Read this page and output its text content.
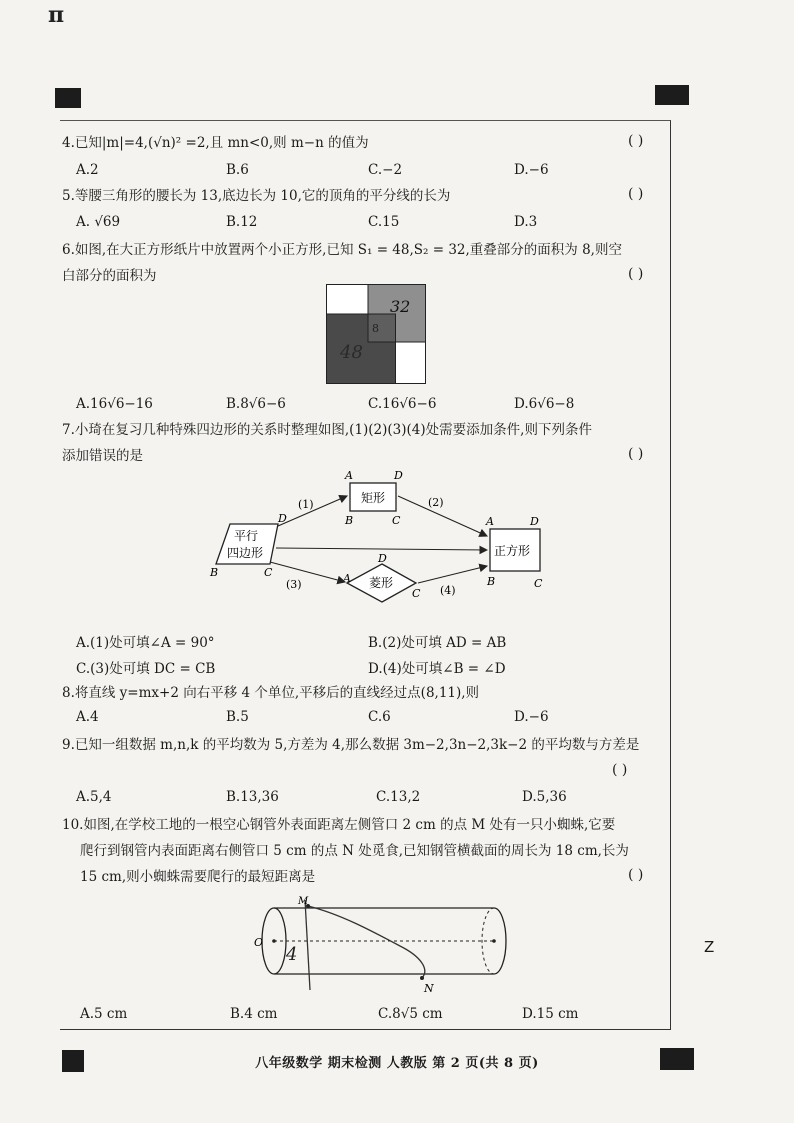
π
Z
4.已知|m|=4,(√n)² =2,且 mn<0,则 m−n 的值为	( )
A.2	B.6	C.−2	D.−6
5.等腰三角形的腰长为 13,底边长为 10,它的顶角的平分线的长为	( )
A. √69	B.12	C.15	D.3
6.如图,在大正方形纸片中放置两个小正方形,已知 S₁ = 48,S₂ = 32,重叠部分的面积为 8,则空
白部分的面积为	( )
32
8
48
A.16√6−16	B.8√6−6	C.16√6−6	D.6√6−8
7.小琦在复习几种特殊四边形的关系时整理如图,(1)(2)(3)(4)处需要添加条件,则下列条件
添加错误的是	( )
平行
四边形
D
B	C
矩形
A	D
B	C
菱形
D
A
C
正方形
A	D
B	C
(1)	(2)
(3)	(4)
A.(1)处可填∠A = 90°	B.(2)处可填 AD = AB
C.(3)处可填 DC = CB	D.(4)处可填∠B = ∠D
8.将直线 y=mx+2 向右平移 4 个单位,平移后的直线经过点(8,11),则
A.4	B.5	C.6	D.−6
9.已知一组数据 m,n,k 的平均数为 5,方差为 4,那么数据 3m−2,3n−2,3k−2 的平均数与方差是
( )
A.5,4	B.13,36	C.13,2	D.5,36
10.如图,在学校工地的一根空心钢管外表面距离左侧管口 2 cm 的点 M 处有一只小蜘蛛,它要
爬行到钢管内表面距离右侧管口 5 cm 的点 N 处觅食,已知钢管横截面的周长为 18 cm,长为
15 cm,则小蜘蛛需要爬行的最短距离是	( )
O
M
4
N
A.5 cm	B.4 cm	C.8√5 cm	D.15 cm
八年级数学 期末检测 人教版 第 2 页(共 8 页)
